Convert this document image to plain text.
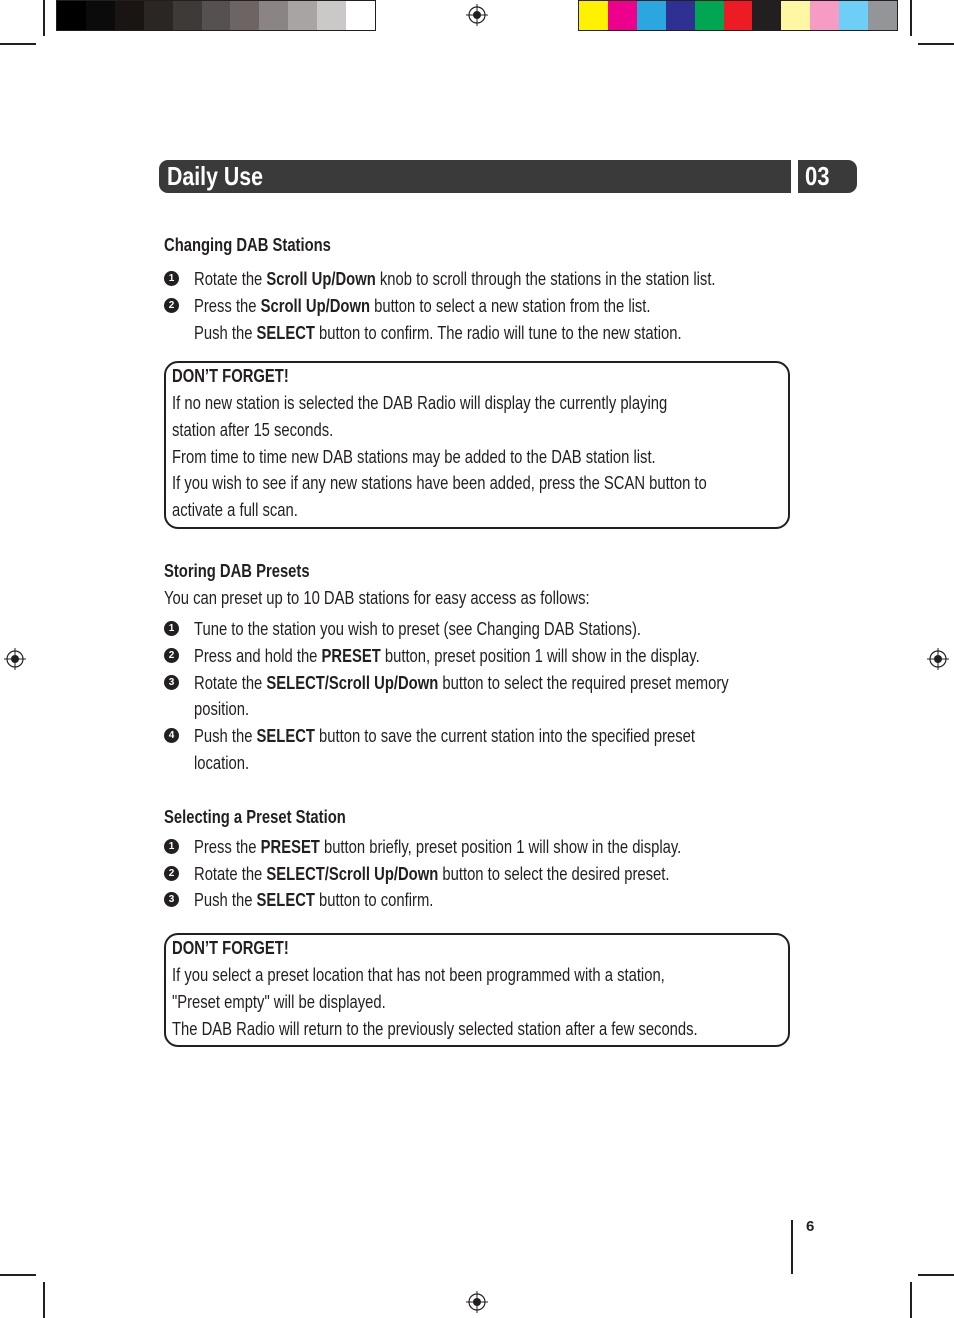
Daily Use	03
Changing DAB Stations
1 Rotate the Scroll Up/Down knob to scroll through the stations in the station list.
2 Press the Scroll Up/Down button to select a new station from the list.
Push the SELECT button to confirm. The radio will tune to the new station.
DON’T FORGET!
If no new station is selected the DAB Radio will display the currently playing
station after 15 seconds.
From time to time new DAB stations may be added to the DAB station list.
If you wish to see if any new stations have been added, press the SCAN button to
activate a full scan.
Storing DAB Presets
You can preset up to 10 DAB stations for easy access as follows:
1 Tune to the station you wish to preset (see Changing DAB Stations).
2 Press and hold the PRESET button, preset position 1 will show in the display.
3 Rotate the SELECT/Scroll Up/Down button to select the required preset memory
position.
4 Push the SELECT button to save the current station into the specified preset
location.
Selecting a Preset Station
1 Press the PRESET button briefly, preset position 1 will show in the display.
2 Rotate the SELECT/Scroll Up/Down button to select the desired preset.
3 Push the SELECT button to confirm.
DON’T FORGET!
If you select a preset location that has not been programmed with a station,
"Preset empty" will be displayed.
The DAB Radio will return to the previously selected station after a few seconds.
6
